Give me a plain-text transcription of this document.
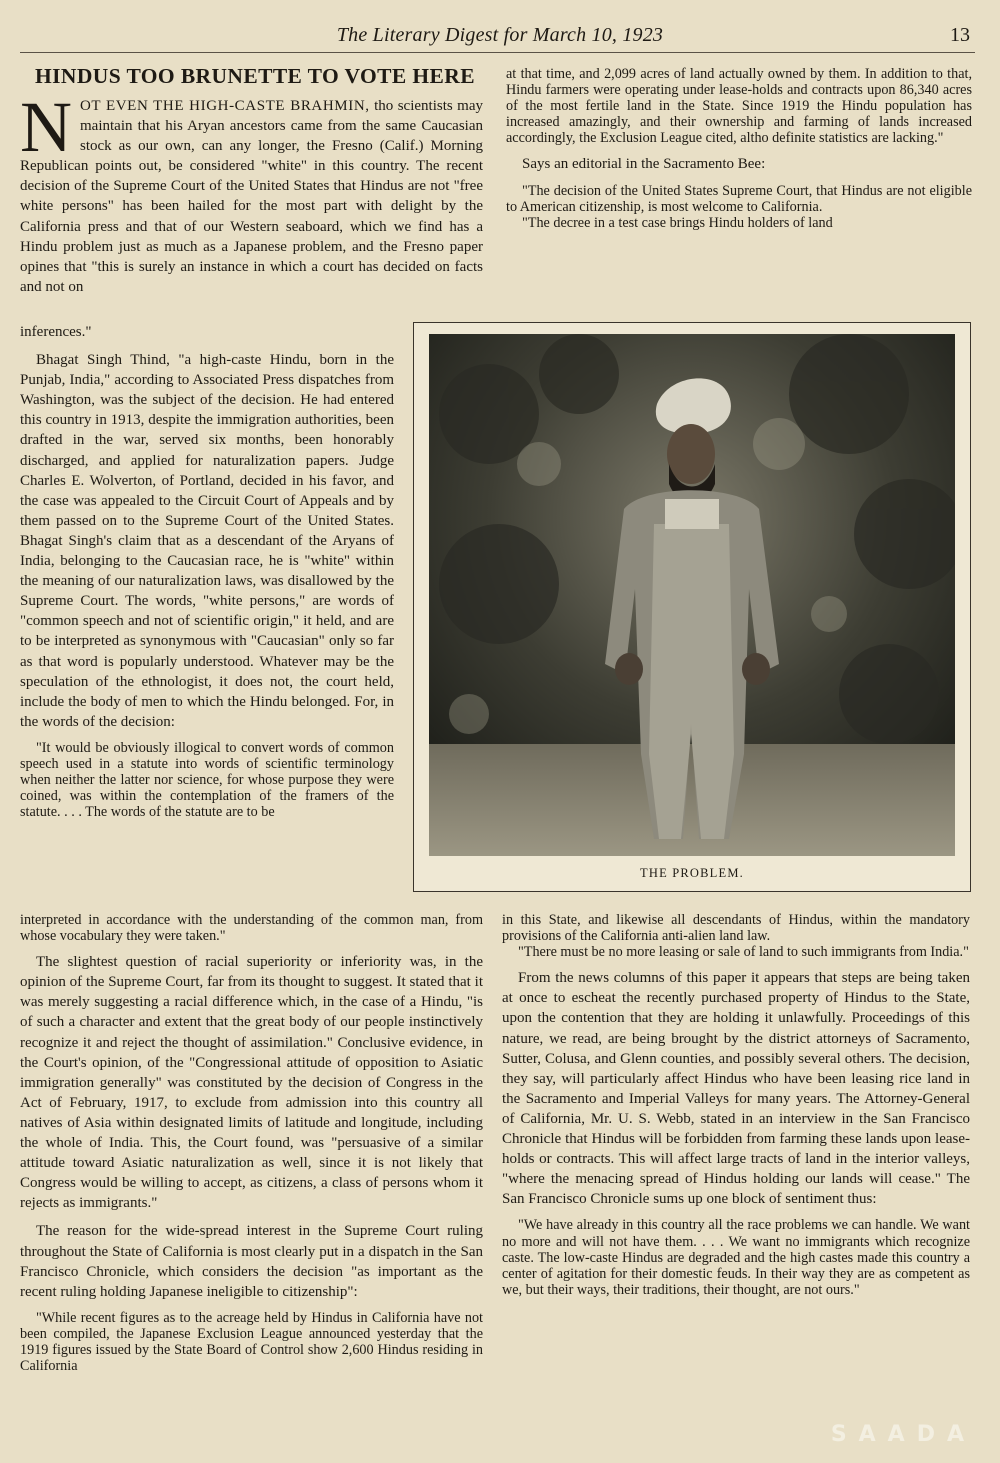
The Literary Digest for March 10, 1923	13
HINDUS TOO BRUNETTE TO VOTE HERE

NOT EVEN THE HIGH-CASTE BRAHMIN, tho scientists may maintain that his Aryan ancestors came from the same Caucasian stock as our own, can any longer, the Fresno (Calif.) Morning Republican points out, be considered "white" in this country. The recent decision of the Supreme Court of the United States that Hindus are not "free white persons" has been hailed for the most part with delight by the California press and that of our Western seaboard, which we find has a Hindu problem just as much as a Japanese problem, and the Fresno paper opines that "this is surely an instance in which a court has decided on facts and not on

inferences."

Bhagat Singh Thind, "a high-caste Hindu, born in the Punjab, India," according to Associated Press dispatches from Washington, was the subject of the decision. He had entered this country in 1913, despite the immigration authorities, been drafted in the war, served six months, been honorably discharged, and applied for naturalization papers. Judge Charles E. Wolverton, of Portland, decided in his favor, and the case was appealed to the Circuit Court of Appeals and by them passed on to the Supreme Court of the United States. Bhagat Singh's claim that as a descendant of the Aryans of India, belonging to the Caucasian race, he is "white" within the meaning of our naturalization laws, was disallowed by the Supreme Court. The words, "white persons," are words of "common speech and not of scientific origin," it held, and are to be interpreted as synonymous with "Caucasian" only so far as that word is popularly understood. Whatever may be the speculation of the ethnologist, it does not, the court held, include the body of men to which the Hindu belonged. For, in the words of the decision:

"It would be obviously illogical to convert words of common speech used in a statute into words of scientific terminology when neither the latter nor science, for whose purpose they were coined, was within the contemplation of the framers of the statute. . . . The words of the statute are to be

interpreted in accordance with the understanding of the common man, from whose vocabulary they were taken."

The slightest question of racial superiority or inferiority was, in the opinion of the Supreme Court, far from its thought to suggest. It stated that it was merely suggesting a racial difference which, in the case of a Hindu, "is of such a character and extent that the great body of our people instinctively recognize it and reject the thought of assimilation." Conclusive evidence, in the Court's opinion, of the "Congressional attitude of opposition to Asiatic immigration generally" was constituted by the decision of Congress in the Act of February, 1917, to exclude from admission into this country all natives of Asia within designated limits of latitude and longitude, including the whole of India. This, the Court found, was "persuasive of a similar attitude toward Asiatic naturalization as well, since it is not likely that Congress would be willing to accept, as citizens, a class of persons whom it rejects as immigrants."

The reason for the wide-spread interest in the Supreme Court ruling throughout the State of California is most clearly put in a dispatch in the San Francisco Chronicle, which considers the decision "as important as the recent ruling holding Japanese ineligible to citizenship":

"While recent figures as to the acreage held by Hindus in California have not been compiled, the Japanese Exclusion League announced yesterday that the 1919 figures issued by the State Board of Control show 2,600 Hindus residing in California

at that time, and 2,099 acres of land actually owned by them. In addition to that, Hindu farmers were operating under lease-holds and contracts upon 86,340 acres of the most fertile land in the State. Since 1919 the Hindu population has increased amazingly, and their ownership and farming of lands increased accordingly, the Exclusion League cited, altho definite statistics are lacking."

Says an editorial in the Sacramento Bee:

"The decision of the United States Supreme Court, that Hindus are not eligible to American citizenship, is most welcome to California.

"The decree in a test case brings Hindu holders of land

THE PROBLEM.

in this State, and likewise all descendants of Hindus, within the mandatory provisions of the California anti-alien land law.

"There must be no more leasing or sale of land to such immigrants from India."

From the news columns of this paper it appears that steps are being taken at once to escheat the recently purchased property of Hindus to the State, upon the contention that they are holding it unlawfully. Proceedings of this nature, we read, are being brought by the district attorneys of Sacramento, Sutter, Colusa, and Glenn counties, and possibly several others. The decision, they say, will particularly affect Hindus who have been leasing rice land in the Sacramento and Imperial Valleys for many years. The Attorney-General of California, Mr. U. S. Webb, stated in an interview in the San Francisco Chronicle that Hindus will be forbidden from farming these lands upon lease-holds or contracts. This will affect large tracts of land in the interior valleys, "where the menacing spread of Hindus holding our lands will cease." The San Francisco Chronicle sums up one block of sentiment thus:

"We have already in this country all the race problems we can handle. We want no more and will not have them. . . . We want no immigrants which recognize caste. The low-caste Hindus are degraded and the high castes made this country a center of agitation for their domestic feuds. In their way they are as competent as we, but their ways, their traditions, their thought, are not ours."

SAADA
